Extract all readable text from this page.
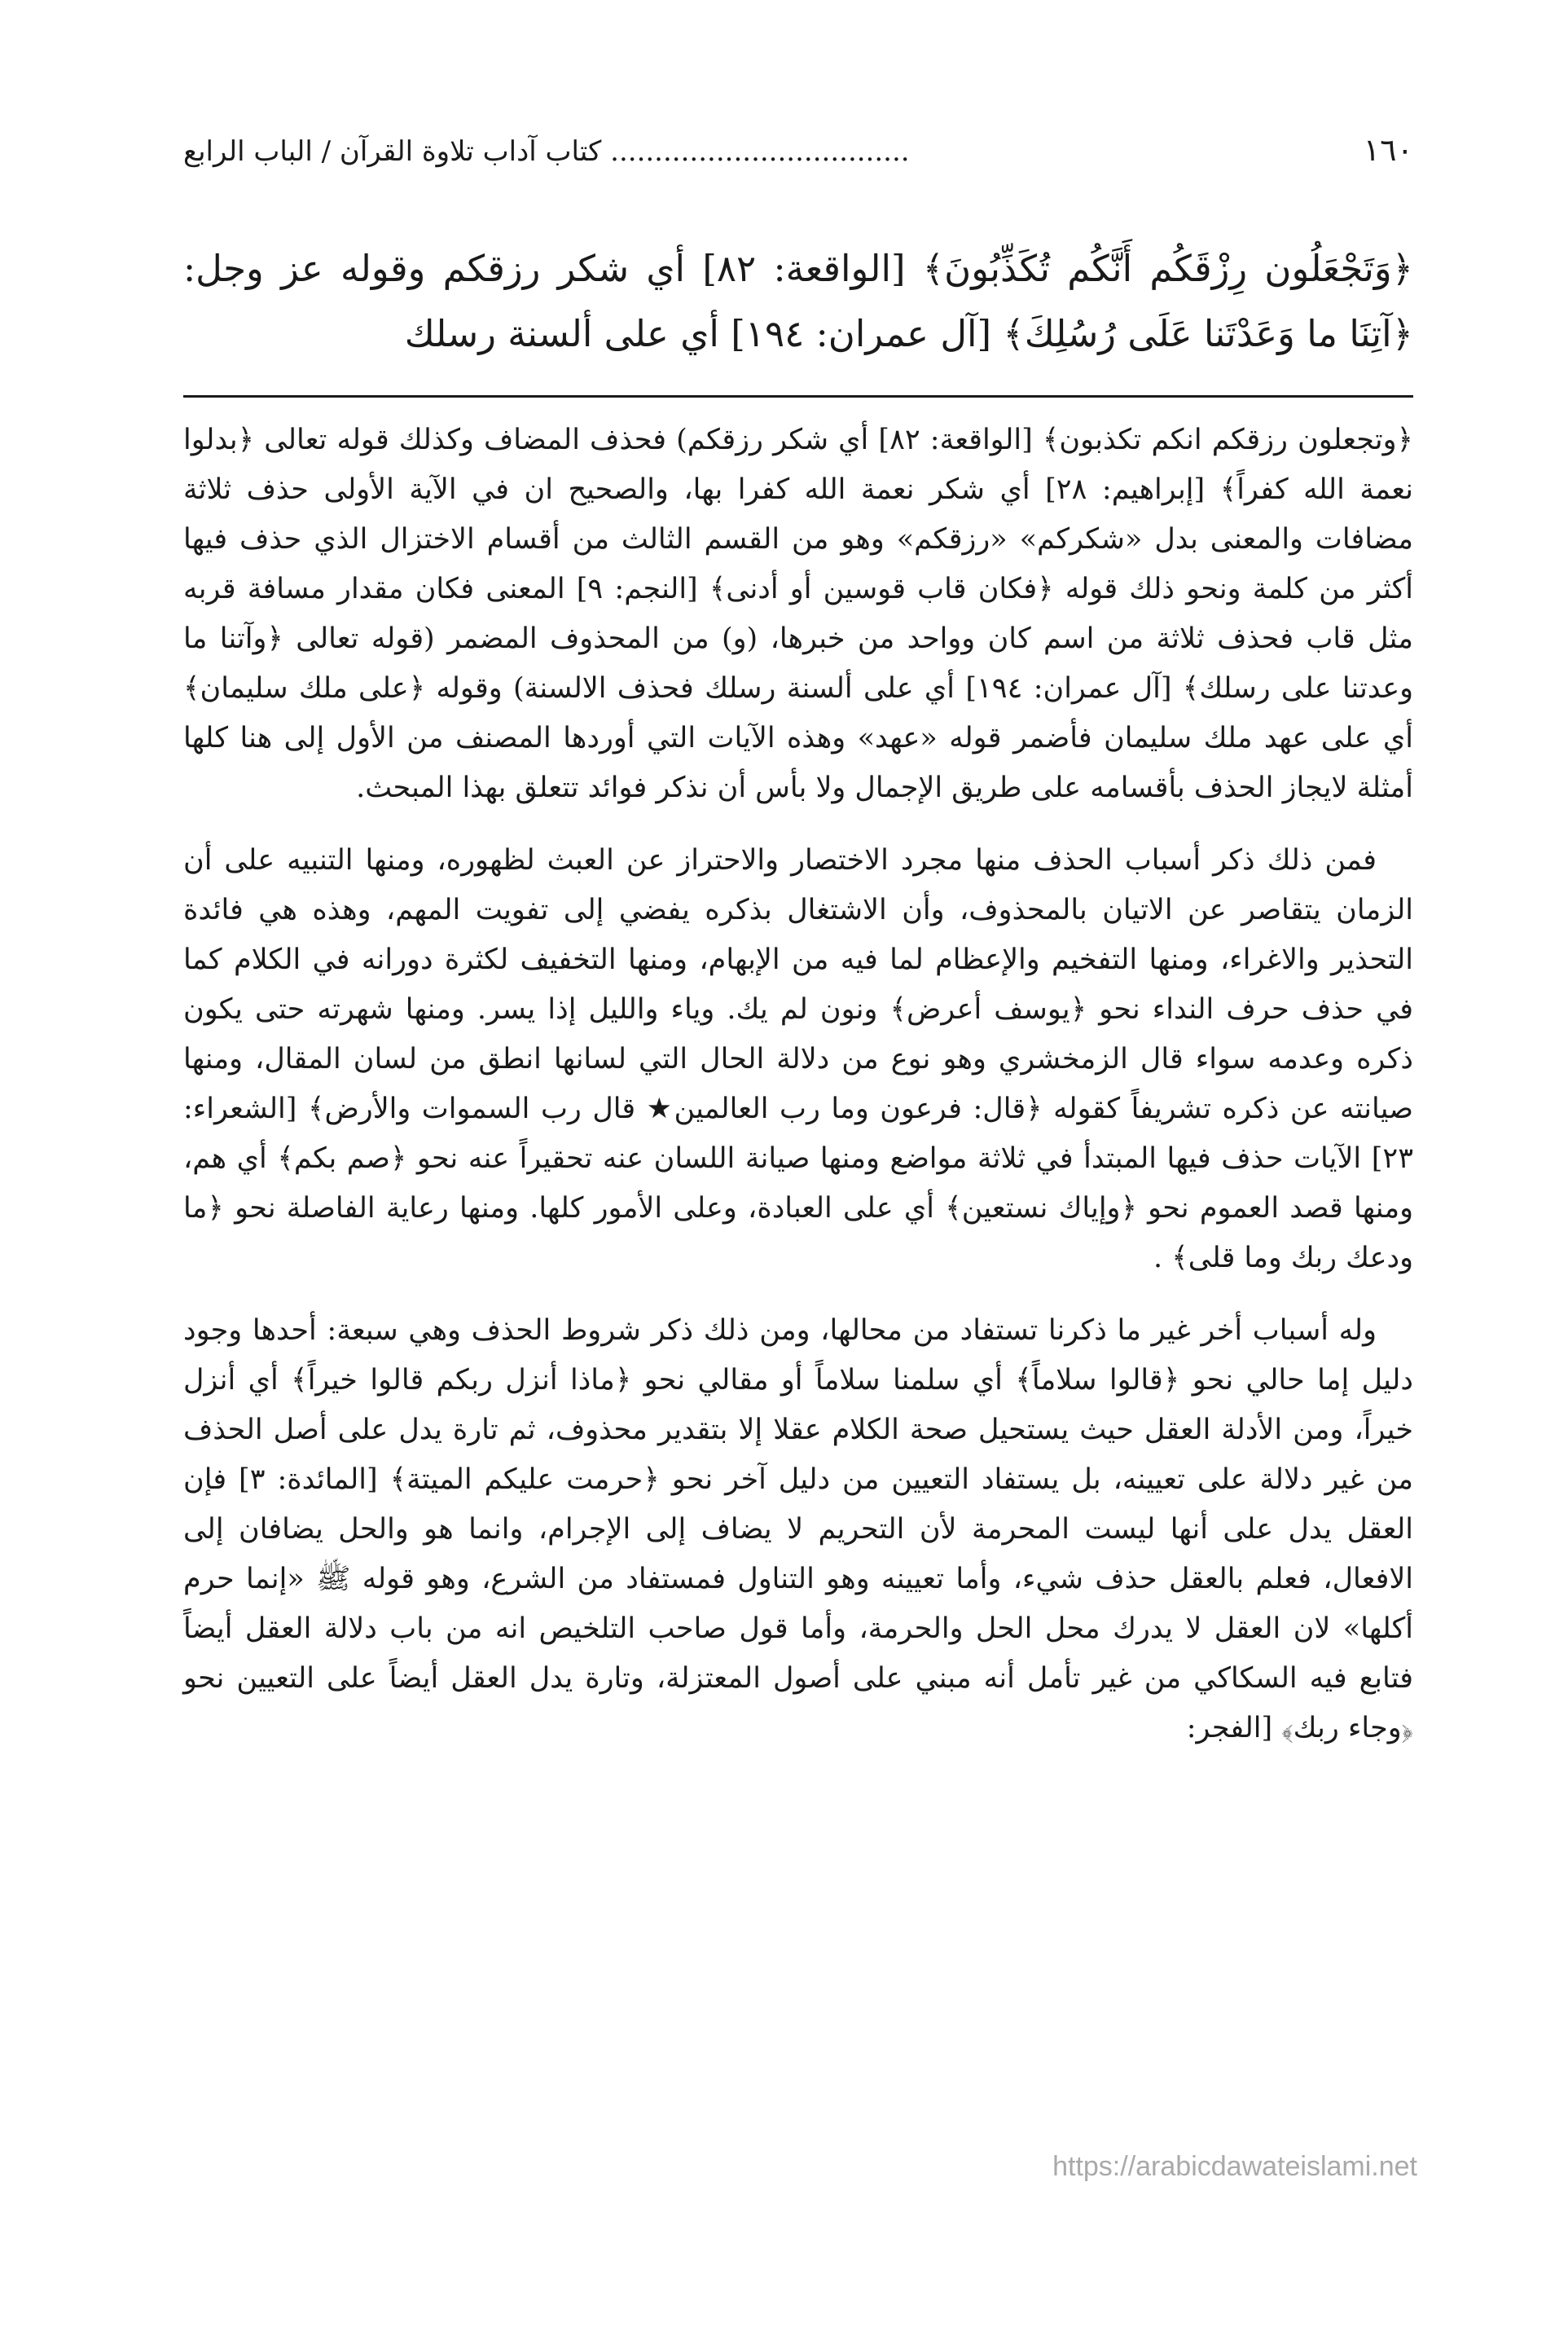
١٦٠
.................................. كتاب آداب تلاوة القرآن / الباب الرابع

﴿وَتَجْعَلُون رِزْقَكُم أَنَّكُم تُكَذِّبُونَ﴾ [الواقعة: ٨٢] أي شكر رزقكم وقوله عز وجل: ﴿آتِنَا ما وَعَدْتَنا عَلَى رُسُلِكَ﴾ [آل عمران: ١٩٤] أي على ألسنة رسلك

﴿وتجعلون رزقكم انكم تكذبون﴾ [الواقعة: ٨٢] أي شكر رزقكم) فحذف المضاف وكذلك قوله تعالى ﴿بدلوا نعمة الله كفراً﴾ [إبراهيم: ٢٨] أي شكر نعمة الله كفرا بها، والصحيح ان في الآية الأولى حذف ثلاثة مضافات والمعنى بدل «شكركم» «رزقكم» وهو من القسم الثالث من أقسام الاختزال الذي حذف فيها أكثر من كلمة ونحو ذلك قوله ﴿فكان قاب قوسين أو أدنى﴾ [النجم: ٩] المعنى فكان مقدار مسافة قربه مثل قاب فحذف ثلاثة من اسم كان وواحد من خبرها، (و) من المحذوف المضمر (قوله تعالى ﴿وآتنا ما وعدتنا على رسلك﴾ [آل عمران: ١٩٤] أي على ألسنة رسلك فحذف الالسنة) وقوله ﴿على ملك سليمان﴾ أي على عهد ملك سليمان فأضمر قوله «عهد» وهذه الآيات التي أوردها المصنف من الأول إلى هنا كلها أمثلة لايجاز الحذف بأقسامه على طريق الإجمال ولا بأس أن نذكر فوائد تتعلق بهذا المبحث.

فمن ذلك ذكر أسباب الحذف منها مجرد الاختصار والاحتراز عن العبث لظهوره، ومنها التنبيه على أن الزمان يتقاصر عن الاتيان بالمحذوف، وأن الاشتغال بذكره يفضي إلى تفويت المهم، وهذه هي فائدة التحذير والاغراء، ومنها التفخيم والإعظام لما فيه من الإبهام، ومنها التخفيف لكثرة دورانه في الكلام كما في حذف حرف النداء نحو ﴿يوسف أعرض﴾ ونون لم يك. وياء والليل إذا يسر. ومنها شهرته حتى يكون ذكره وعدمه سواء قال الزمخشري وهو نوع من دلالة الحال التي لسانها انطق من لسان المقال، ومنها صيانته عن ذكره تشريفاً كقوله ﴿قال: فرعون وما رب العالمين★ قال رب السموات والأرض﴾ [الشعراء: ٢٣] الآيات حذف فيها المبتدأ في ثلاثة مواضع ومنها صيانة اللسان عنه تحقيراً عنه نحو ﴿صم بكم﴾ أي هم، ومنها قصد العموم نحو ﴿وإياك نستعين﴾ أي على العبادة، وعلى الأمور كلها. ومنها رعاية الفاصلة نحو ﴿ما ودعك ربك وما قلى﴾ .

وله أسباب أخر غير ما ذكرنا تستفاد من محالها، ومن ذلك ذكر شروط الحذف وهي سبعة: أحدها وجود دليل إما حالي نحو ﴿قالوا سلاماً﴾ أي سلمنا سلاماً أو مقالي نحو ﴿ماذا أنزل ربكم قالوا خيراً﴾ أي أنزل خيراً، ومن الأدلة العقل حيث يستحيل صحة الكلام عقلا إلا بتقدير محذوف، ثم تارة يدل على أصل الحذف من غير دلالة على تعيينه، بل يستفاد التعيين من دليل آخر نحو ﴿حرمت عليكم الميتة﴾ [المائدة: ٣] فإن العقل يدل على أنها ليست المحرمة لأن التحريم لا يضاف إلى الإجرام، وانما هو والحل يضافان إلى الافعال، فعلم بالعقل حذف شيء، وأما تعيينه وهو التناول فمستفاد من الشرع، وهو قوله ﷺ «إنما حرم أكلها» لان العقل لا يدرك محل الحل والحرمة، وأما قول صاحب التلخيص انه من باب دلالة العقل أيضاً فتابع فيه السكاكي من غير تأمل أنه مبني على أصول المعتزلة، وتارة يدل العقل أيضاً على التعيين نحو ﴿وجاء ربك﴾ [الفجر:

https://arabicdawateislami.net
